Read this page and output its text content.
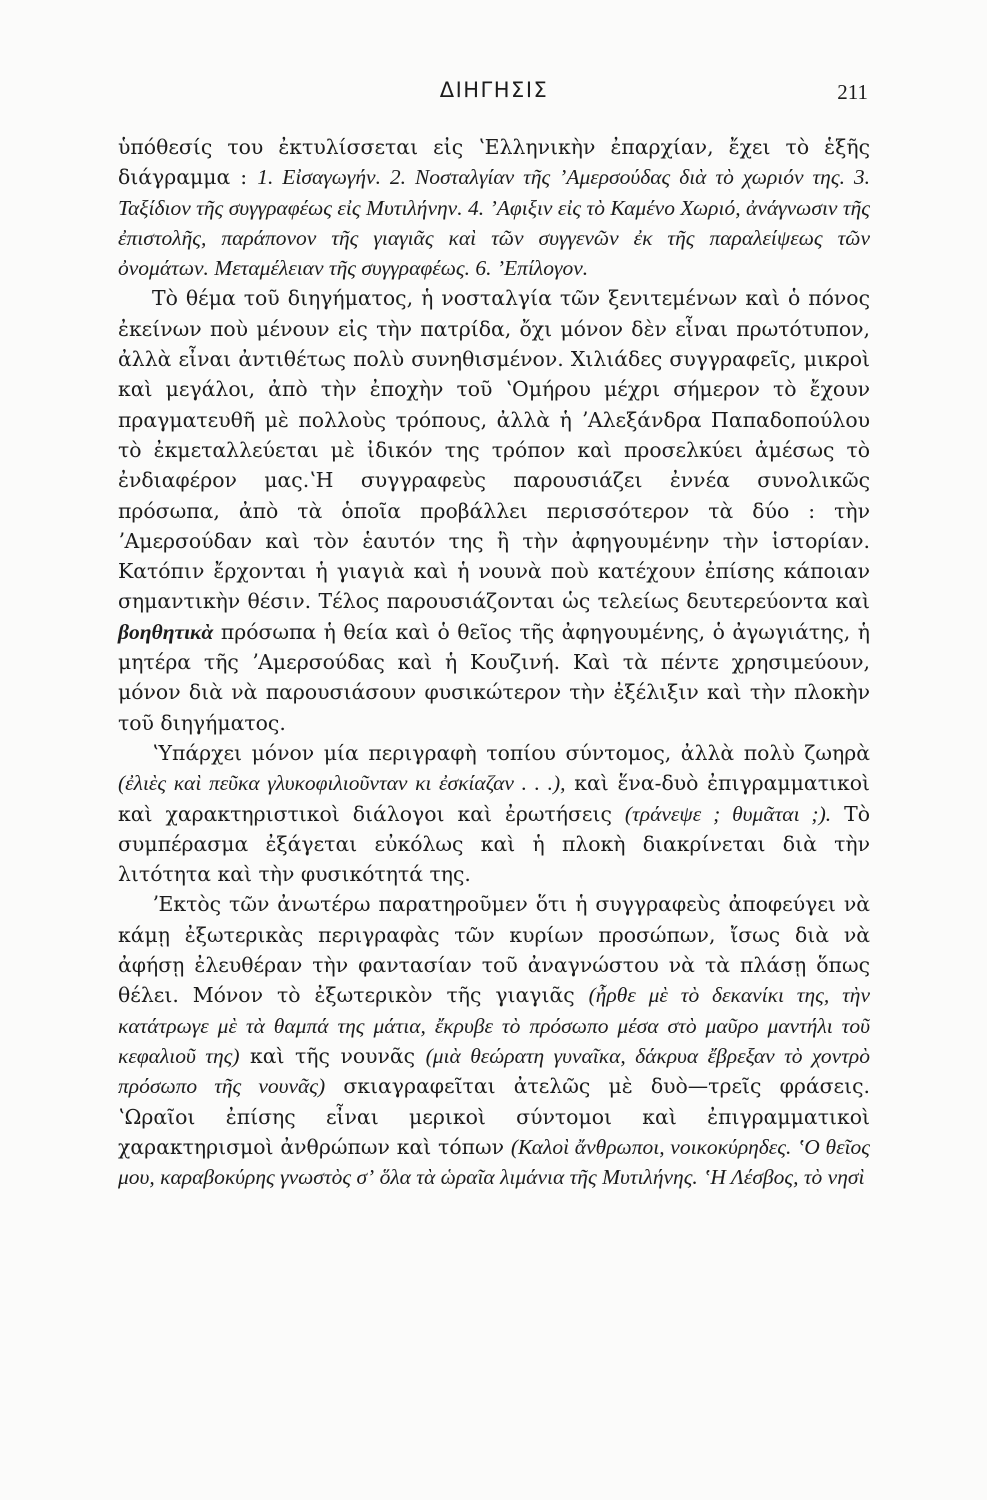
ΔΙΗΓΗΣΙΣ	211

ὑπόθεσίς του ἐκτυλίσσεται εἰς ʽΕλληνικὴν ἐπαρχίαν, ἔχει τὸ ἑξῆς διάγραμμα : 1. Εἰσαγωγήν. 2. Νοσταλγίαν τῆς ʼΑμερσούδας διὰ τὸ χωριόν της. 3. Ταξίδιον τῆς συγγραφέως εἰς Μυτιλήνην. 4. ʼΑφιξιν εἰς τὸ Καμένο Χωριό, ἀνάγνωσιν τῆς ἐπιστολῆς, παράπονον τῆς γιαγιᾶς καὶ τῶν συγγενῶν ἐκ τῆς παραλείψεως τῶν ὀνομάτων. Μεταμέλειαν τῆς συγγραφέως. 6. ʼΕπίλογον.

Τὸ θέμα τοῦ διηγήματος, ἡ νοσταλγία τῶν ξενιτεμένων καὶ ὁ πόνος ἐκείνων ποὺ μένουν εἰς τὴν πατρίδα, ὄχι μόνον δὲν εἶναι πρωτότυπον, ἀλλὰ εἶναι ἀντιθέτως πολὺ συνηθισμένον. Χιλιάδες συγγραφεῖς, μικροὶ καὶ μεγάλοι, ἀπὸ τὴν ἐποχὴν τοῦ ʽΟμήρου μέχρι σήμερον τὸ ἔχουν πραγματευθῆ μὲ πολλοὺς τρόπους, ἀλλὰ ἡ ʼΑλεξάνδρα Παπαδοπούλου τὸ ἐκμεταλλεύεται μὲ ἰδικόν της τρόπον καὶ προσελκύει ἀμέσως τὸ ἐνδιαφέρον μας.ʽΗ συγγραφεὺς παρουσιάζει ἐννέα συνολικῶς πρόσωπα, ἀπὸ τὰ ὁποῖα προβάλλει περισσότερον τὰ δύο : τὴν ʼΑμερσούδαν καὶ τὸν ἑαυτόν της ἢ τὴν ἀφηγουμένην τὴν ἱστορίαν. Κατόπιν ἔρχονται ἡ γιαγιὰ καὶ ἡ νουνὰ ποὺ κατέχουν ἐπίσης κάποιαν σημαντικὴν θέσιν. Τέλος παρουσιάζονται ὡς τελείως δευτερεύοντα καὶ βοηθητικὰ πρόσωπα ἡ θεία καὶ ὁ θεῖος τῆς ἀφηγουμένης, ὁ ἀγωγιάτης, ἡ μητέρα τῆς ʼΑμερσούδας καὶ ἡ Κουζινή. Καὶ τὰ πέντε χρησιμεύουν, μόνον διὰ νὰ παρουσιάσουν φυσικώτερον τὴν ἐξέλιξιν καὶ τὴν πλοκὴν τοῦ διηγήματος.

ʽΥπάρχει μόνον μία περιγραφὴ τοπίου σύντομος, ἀλλὰ πολὺ ζωηρὰ (ἐλιὲς καὶ πεῦκα γλυκοφιλιοῦνταν κι ἐσκίαζαν . . .), καὶ ἕνα-δυὸ ἐπιγραμματικοὶ καὶ χαρακτηριστικοὶ διάλογοι καὶ ἐρωτήσεις (τράνεψε ; θυμᾶται ;). Τὸ συμπέρασμα ἐξάγεται εὐκόλως καὶ ἡ πλοκὴ διακρίνεται διὰ τὴν λιτότητα καὶ τὴν φυσικότητά της.

ʼΕκτὸς τῶν ἀνωτέρω παρατηροῦμεν ὅτι ἡ συγγραφεὺς ἀποφεύγει νὰ κάμῃ ἐξωτερικὰς περιγραφὰς τῶν κυρίων προσώπων, ἴσως διὰ νὰ ἀφήσῃ ἐλευθέραν τὴν φαντασίαν τοῦ ἀναγνώστου νὰ τὰ πλάσῃ ὅπως θέλει. Μόνον τὸ ἐξωτερικὸν τῆς γιαγιᾶς (ἦρθε μὲ τὸ δεκανίκι της, τὴν κατάτρωγε μὲ τὰ θαμπά της μάτια, ἔκρυβε τὸ πρόσωπο μέσα στὸ μαῦρο μαντήλι τοῦ κεφαλιοῦ της) καὶ τῆς νουνᾶς (μιὰ θεώρατη γυναῖκα, δάκρυα ἔβρεξαν τὸ χοντρὸ πρόσωπο τῆς νουνᾶς) σκιαγραφεῖται ἀτελῶς μὲ δυὸ—τρεῖς φράσεις. ʽΩραῖοι ἐπίσης εἶναι μερικοὶ σύντομοι καὶ ἐπιγραμματικοὶ χαρακτηρισμοὶ ἀνθρώπων καὶ τόπων (Καλοὶ ἄνθρωποι, νοικοκύρηδες. ʽΟ θεῖος μου, καραβοκύρης γνωστὸς σʼ ὅλα τὰ ὡραῖα λιμάνια τῆς Μυτιλήνης. ʽΗ Λέσβος, τὸ νησὶ
